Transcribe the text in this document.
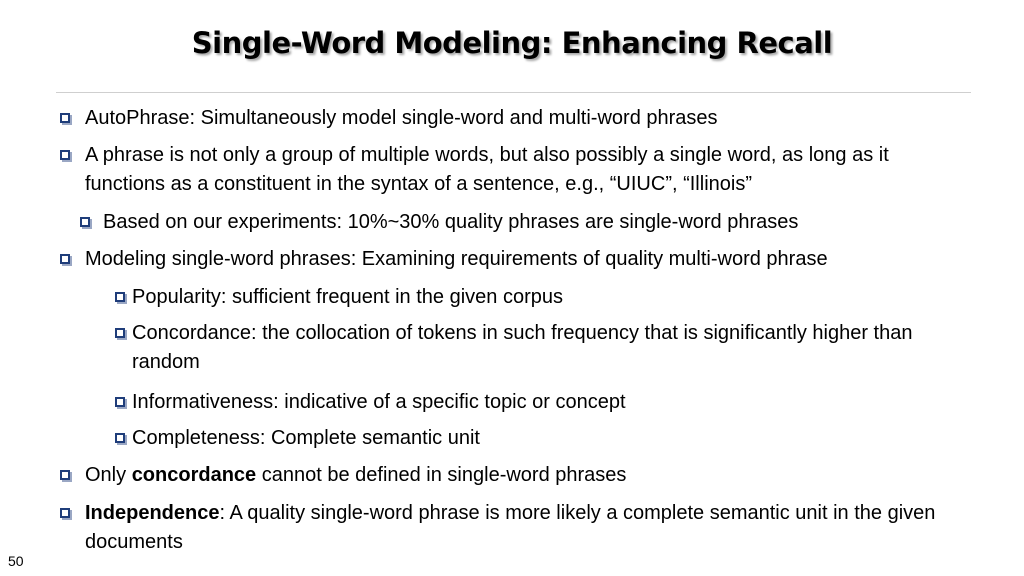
Single-Word Modeling: Enhancing Recall
AutoPhrase: Simultaneously model single-word and multi-word phrases
A phrase is not only a group of multiple words, but also possibly a single word, as long as it functions as a constituent in the syntax of a sentence, e.g., “UIUC”, “Illinois”
Based on our experiments: 10%~30% quality phrases are single-word phrases
Modeling single-word phrases: Examining requirements of quality multi-word phrase
Popularity: sufficient frequent in the given corpus
Concordance: the collocation of tokens in such frequency that is significantly higher than random
Informativeness: indicative of a specific topic or concept
Completeness: Complete semantic unit
Only concordance cannot be defined in single-word phrases
Independence: A quality single-word phrase is more likely a complete semantic unit in the given documents
50
